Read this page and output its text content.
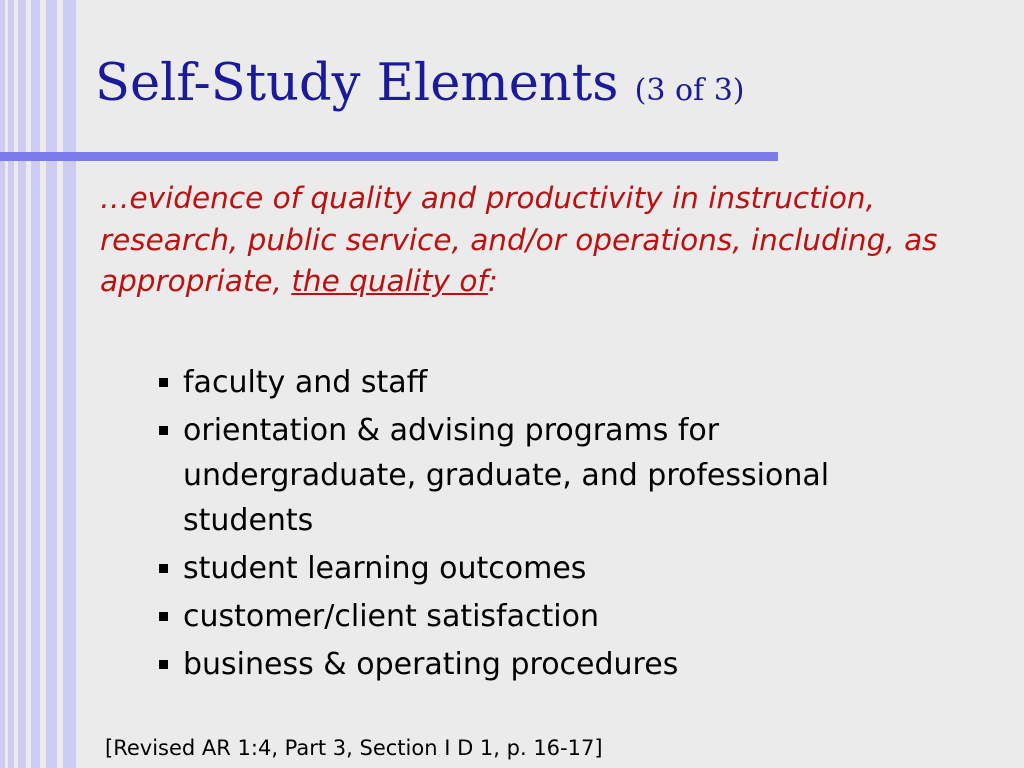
Self-Study Elements (3 of 3)

…evidence of quality and productivity in instruction, research, public service, and/or operations, including, as appropriate, the quality of:

faculty and staff
orientation & advising programs for undergraduate, graduate, and professional students
student learning outcomes
customer/client satisfaction
business & operating procedures

[Revised AR 1:4, Part 3, Section I D 1, p. 16-17]
